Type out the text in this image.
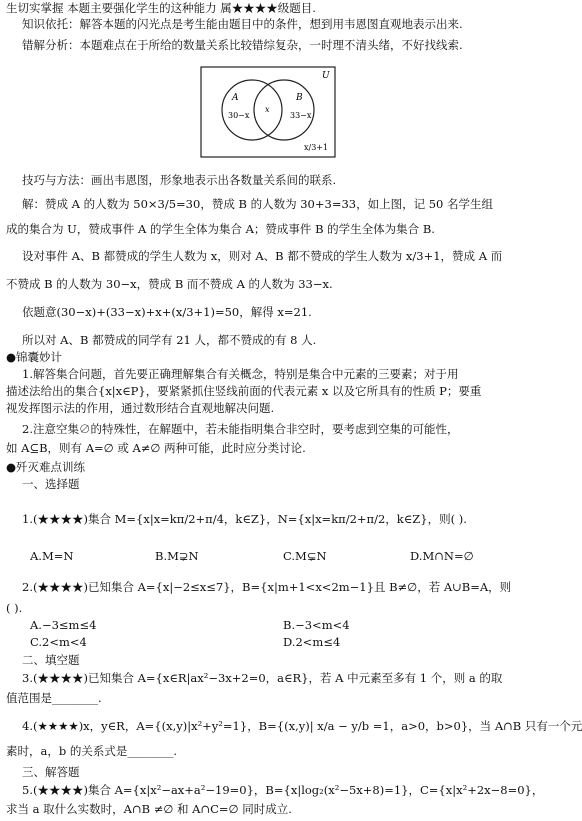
生切实掌握 本题主要强化学生的这种能力 属★★★★级题目.
知识依托：解答本题的闪光点是考生能由题目中的条件，想到用韦恩图直观地表示出来.
错解分析：本题难点在于所给的数量关系比较错综复杂，一时理不清头绪，不好找线索.
U
A	B
30−x
x
33−x
x/3+1
技巧与方法：画出韦恩图，形象地表示出各数量关系间的联系.
解：赞成 A 的人数为 50×3/5=30，赞成 B 的人数为 30+3=33，如上图，记 50 名学生组
成的集合为 U，赞成事件 A 的学生全体为集合 A；赞成事件 B 的学生全体为集合 B.
设对事件 A、B 都赞成的学生人数为 x，则对 A、B 都不赞成的学生人数为 x/3+1，赞成 A 而
不赞成 B 的人数为 30−x，赞成 B 而不赞成 A 的人数为 33−x.
依题意(30−x)+(33−x)+x+(x/3+1)=50，解得 x=21.
所以对 A、B 都赞成的同学有 21 人，都不赞成的有 8 人.
●锦囊妙计
1.解答集合问题，首先要正确理解集合有关概念，特别是集合中元素的三要素；对于用
描述法给出的集合{x|x∈P}，要紧紧抓住竖线前面的代表元素 x 以及它所具有的性质 P；要重
视发挥图示法的作用，通过数形结合直观地解决问题.
2.注意空集∅的特殊性，在解题中，若未能指明集合非空时，要考虑到空集的可能性，
如 A⊆B，则有 A=∅ 或 A≠∅ 两种可能，此时应分类讨论.
●歼灭难点训练
一、选择题
1.(★★★★)集合 M={x|x=kπ/2+π/4，k∈Z}，N={x|x=kπ/2+π/2，k∈Z}，则( ).
A.M=N	B.M⊋N	C.M⊊N	D.M∩N=∅
2.(★★★★)已知集合 A={x|−2≤x≤7}，B={x|m+1<x<2m−1}且 B≠∅，若 A∪B=A，则
( ).
A.−3≤m≤4	B.−3<m<4
C.2<m<4	D.2<m≤4
二、填空题
3.(★★★★)已知集合 A={x∈R|ax²−3x+2=0，a∈R}，若 A 中元素至多有 1 个，则 a 的取
值范围是________.
4.(★★★★)x，y∈R，A={(x,y)|x²+y²=1}，B={(x,y)| x/a − y/b =1，a>0，b>0}，当 A∩B 只有一个元
素时，a，b 的关系式是________.
三、解答题
5.(★★★★)集合 A={x|x²−ax+a²−19=0}，B={x|log₂(x²−5x+8)=1}，C={x|x²+2x−8=0}，
求当 a 取什么实数时，A∩B ≠∅ 和 A∩C=∅ 同时成立.
